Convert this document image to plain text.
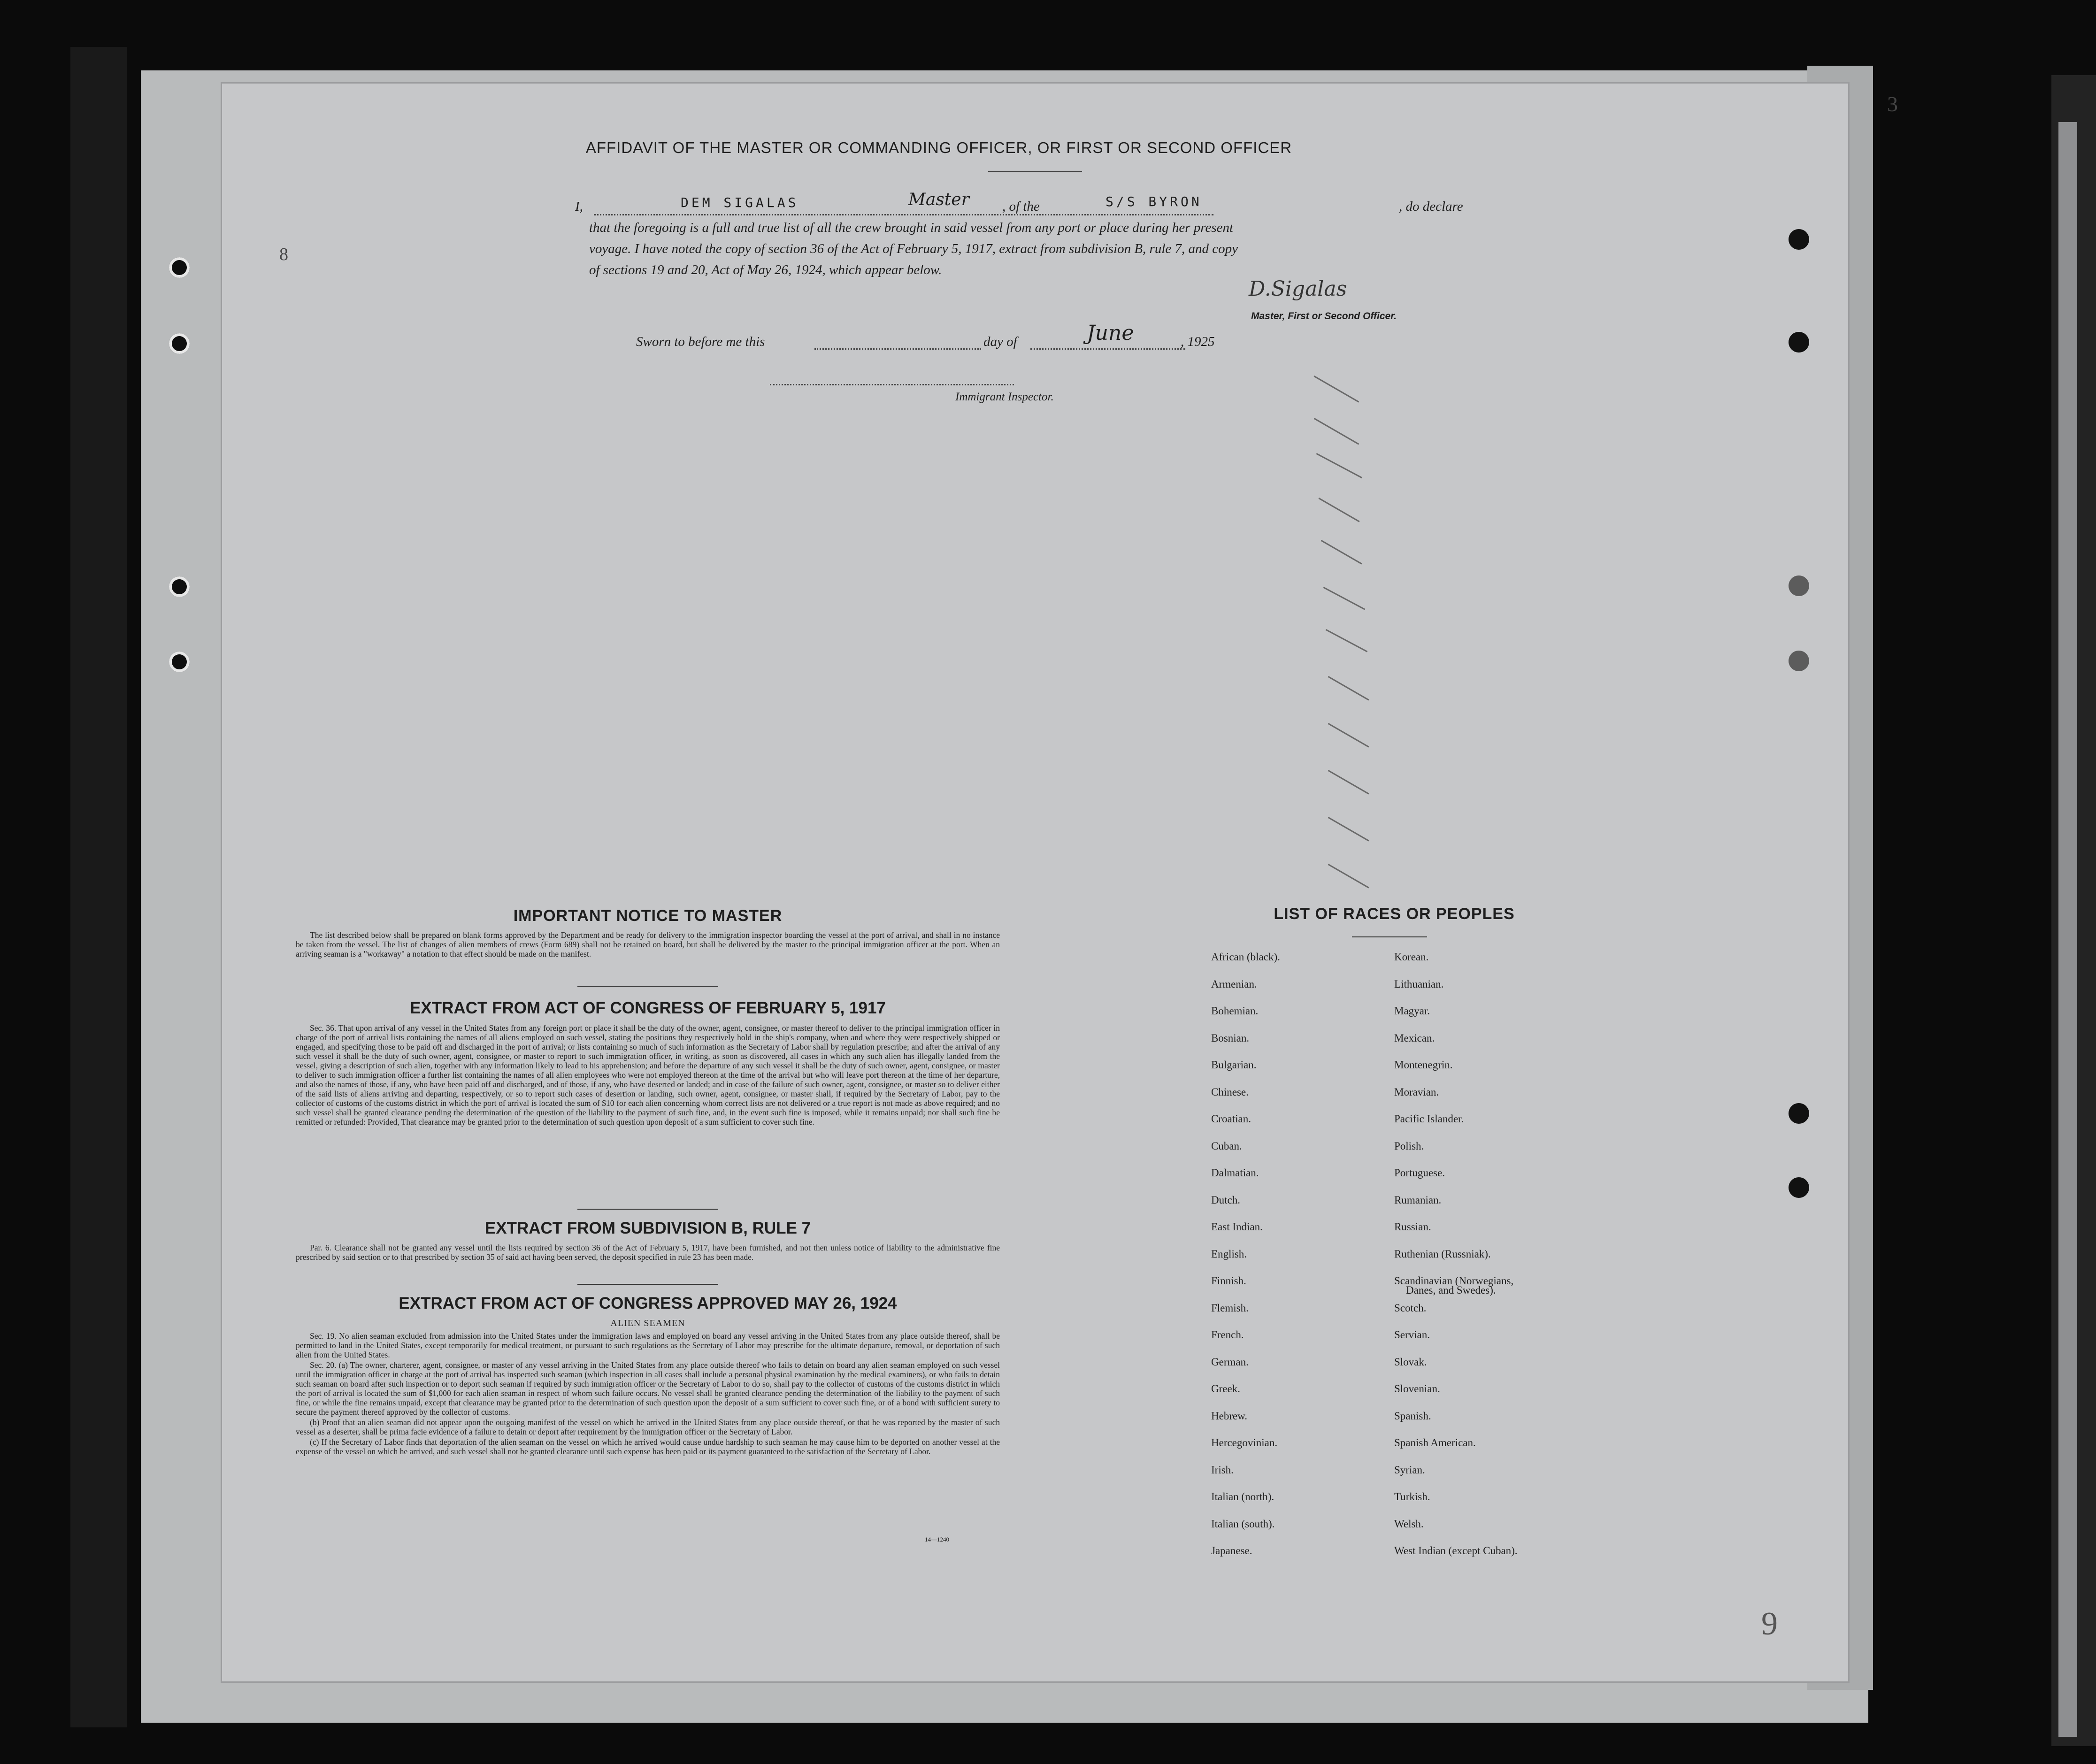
9
3
8
AFFIDAVIT OF THE MASTER OR COMMANDING OFFICER, OR FIRST OR SECOND OFFICER
I,	DEM SIGALAS	Master , of the	S/S BYRON	, do declare
that the foregoing is a full and true list of all the crew brought in said vessel from any port or place during her present
voyage. I have noted the copy of section 36 of the Act of February 5, 1917, extract from subdivision B, rule 7, and copy
of sections 19 and 20, Act of May 26, 1924, which appear below.
D.Sigalas
Master, First or Second Officer.
Sworn to before me this	day of	June	, 1925
Immigrant Inspector.
IMPORTANT NOTICE TO MASTER

The list described below shall be prepared on blank forms approved by the Department and be ready for delivery to the immigration inspector boarding the vessel at the port of arrival, and shall in no instance be taken from the vessel. The list of changes of alien members of crews (Form 689) shall not be retained on board, but shall be delivered by the master to the principal immigration officer at the port. When an arriving seaman is a "workaway" a notation to that effect should be made on the manifest.

EXTRACT FROM ACT OF CONGRESS OF FEBRUARY 5, 1917

Sec. 36. That upon arrival of any vessel in the United States from any foreign port or place it shall be the duty of the owner, agent, consignee, or master thereof to deliver to the principal immigration officer in charge of the port of arrival lists containing the names of all aliens employed on such vessel, stating the positions they respectively hold in the ship's company, when and where they were respectively shipped or engaged, and specifying those to be paid off and discharged in the port of arrival; or lists containing so much of such information as the Secretary of Labor shall by regulation prescribe; and after the arrival of any such vessel it shall be the duty of such owner, agent, consignee, or master to report to such immigration officer, in writing, as soon as discovered, all cases in which any such alien has illegally landed from the vessel, giving a description of such alien, together with any information likely to lead to his apprehension; and before the departure of any such vessel it shall be the duty of such owner, agent, consignee, or master to deliver to such immigration officer a further list containing the names of all alien employees who were not employed thereon at the time of the arrival but who will leave port thereon at the time of her departure, and also the names of those, if any, who have been paid off and discharged, and of those, if any, who have deserted or landed; and in case of the failure of such owner, agent, consignee, or master so to deliver either of the said lists of aliens arriving and departing, respectively, or so to report such cases of desertion or landing, such owner, agent, consignee, or master shall, if required by the Secretary of Labor, pay to the collector of customs of the customs district in which the port of arrival is located the sum of $10 for each alien concerning whom correct lists are not delivered or a true report is not made as above required; and no such vessel shall be granted clearance pending the determination of the question of the liability to the payment of such fine, and, in the event such fine is imposed, while it remains unpaid; nor shall such fine be remitted or refunded: Provided, That clearance may be granted prior to the determination of such question upon deposit of a sum sufficient to cover such fine.

EXTRACT FROM SUBDIVISION B, RULE 7

Par. 6. Clearance shall not be granted any vessel until the lists required by section 36 of the Act of February 5, 1917, have been furnished, and not then unless notice of liability to the administrative fine prescribed by said section or to that prescribed by section 35 of said act having been served, the deposit specified in rule 23 has been made.

EXTRACT FROM ACT OF CONGRESS APPROVED MAY 26, 1924
ALIEN SEAMEN

Sec. 19. No alien seaman excluded from admission into the United States under the immigration laws and employed on board any vessel arriving in the United States from any place outside thereof, shall be permitted to land in the United States, except temporarily for medical treatment, or pursuant to such regulations as the Secretary of Labor may prescribe for the ultimate departure, removal, or deportation of such alien from the United States.

Sec. 20. (a) The owner, charterer, agent, consignee, or master of any vessel arriving in the United States from any place outside thereof who fails to detain on board any alien seaman employed on such vessel until the immigration officer in charge at the port of arrival has inspected such seaman (which inspection in all cases shall include a personal physical examination by the medical examiners), or who fails to detain such seaman on board after such inspection or to deport such seaman if required by such immigration officer or the Secretary of Labor to do so, shall pay to the collector of customs of the customs district in which the port of arrival is located the sum of $1,000 for each alien seaman in respect of whom such failure occurs. No vessel shall be granted clearance pending the determination of the liability to the payment of such fine, or while the fine remains unpaid, except that clearance may be granted prior to the determination of such question upon the deposit of a sum sufficient to cover such fine, or of a bond with sufficient surety to secure the payment thereof approved by the collector of customs.

(b) Proof that an alien seaman did not appear upon the outgoing manifest of the vessel on which he arrived in the United States from any place outside thereof, or that he was reported by the master of such vessel as a deserter, shall be prima facie evidence of a failure to detain or deport after requirement by the immigration officer or the Secretary of Labor.

(c) If the Secretary of Labor finds that deportation of the alien seaman on the vessel on which he arrived would cause undue hardship to such seaman he may cause him to be deported on another vessel at the expense of the vessel on which he arrived, and such vessel shall not be granted clearance until such expense has been paid or its payment guaranteed to the satisfaction of the Secretary of Labor.

14—1240
LIST OF RACES OR PEOPLES
African (black).
Armenian.
Bohemian.
Bosnian.
Bulgarian.
Chinese.
Croatian.
Cuban.
Dalmatian.
Dutch.
East Indian.
English.
Finnish.
Flemish.
French.
German.
Greek.
Hebrew.
Hercegovinian.
Irish.
Italian (north).
Italian (south).
Japanese.
Korean.
Lithuanian.
Magyar.
Mexican.
Montenegrin.
Moravian.
Pacific Islander.
Polish.
Portuguese.
Rumanian.
Russian.
Ruthenian (Russniak).
Scandinavian (Norwegians,
Scotch.
Servian.
Slovak.
Slovenian.
Spanish.
Spanish American.
Syrian.
Turkish.
Welsh.
West Indian (except Cuban).
Danes, and Swedes).
